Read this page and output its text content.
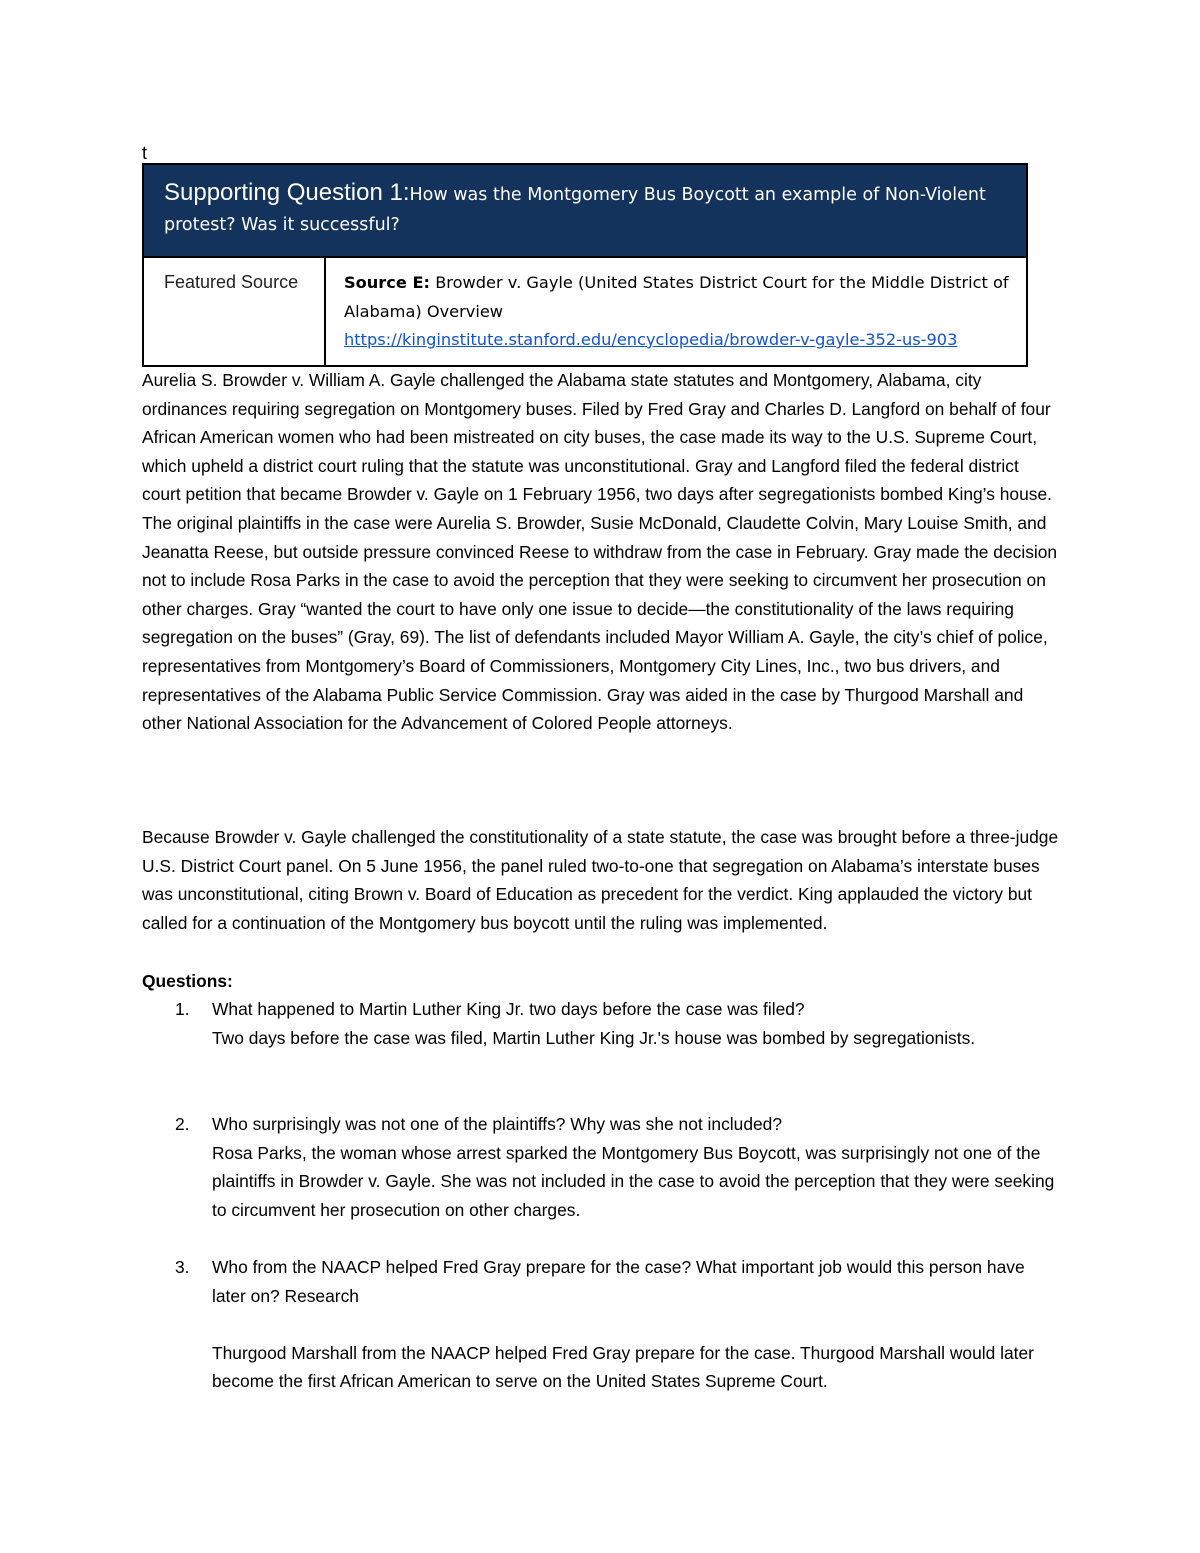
t
Supporting Question 1:How was the Montgomery Bus Boycott an example of Non-Violent protest? Was it successful?
Featured Source	Source E: Browder v. Gayle (United States District Court for the Middle District of Alabama) Overview
https://kinginstitute.stanford.edu/encyclopedia/browder-v-gayle-352-us-903

Aurelia S. Browder v. William A. Gayle challenged the Alabama state statutes and Montgomery, Alabama, city ordinances requiring segregation on Montgomery buses. Filed by Fred Gray and Charles D. Langford on behalf of four African American women who had been mistreated on city buses, the case made its way to the U.S. Supreme Court, which upheld a district court ruling that the statute was unconstitutional. Gray and Langford filed the federal district court petition that became Browder v. Gayle on 1 February 1956, two days after segregationists bombed King’s house. The original plaintiffs in the case were Aurelia S. Browder, Susie McDonald, Claudette Colvin, Mary Louise Smith, and Jeanatta Reese, but outside pressure convinced Reese to withdraw from the case in February. Gray made the decision not to include Rosa Parks in the case to avoid the perception that they were seeking to circumvent her prosecution on other charges. Gray “wanted the court to have only one issue to decide—the constitutionality of the laws requiring segregation on the buses” (Gray, 69). The list of defendants included Mayor William A. Gayle, the city’s chief of police, representatives from Montgomery’s Board of Commissioners, Montgomery City Lines, Inc., two bus drivers, and representatives of the Alabama Public Service Commission. Gray was aided in the case by Thurgood Marshall and other National Association for the Advancement of Colored People attorneys.

Because Browder v. Gayle challenged the constitutionality of a state statute, the case was brought before a three-judge U.S. District Court panel. On 5 June 1956, the panel ruled two-to-one that segregation on Alabama’s interstate buses was unconstitutional, citing Brown v. Board of Education as precedent for the verdict. King applauded the victory but called for a continuation of the Montgomery bus boycott until the ruling was implemented.

Questions:
1. What happened to Martin Luther King Jr. two days before the case was filed?
Two days before the case was filed, Martin Luther King Jr.'s house was bombed by segregationists.
2. Who surprisingly was not one of the plaintiffs? Why was she not included?
Rosa Parks, the woman whose arrest sparked the Montgomery Bus Boycott, was surprisingly not one of the plaintiffs in Browder v. Gayle. She was not included in the case to avoid the perception that they were seeking to circumvent her prosecution on other charges.
3. Who from the NAACP helped Fred Gray prepare for the case? What important job would this person have later on? Research
Thurgood Marshall from the NAACP helped Fred Gray prepare for the case. Thurgood Marshall would later become the first African American to serve on the United States Supreme Court.
